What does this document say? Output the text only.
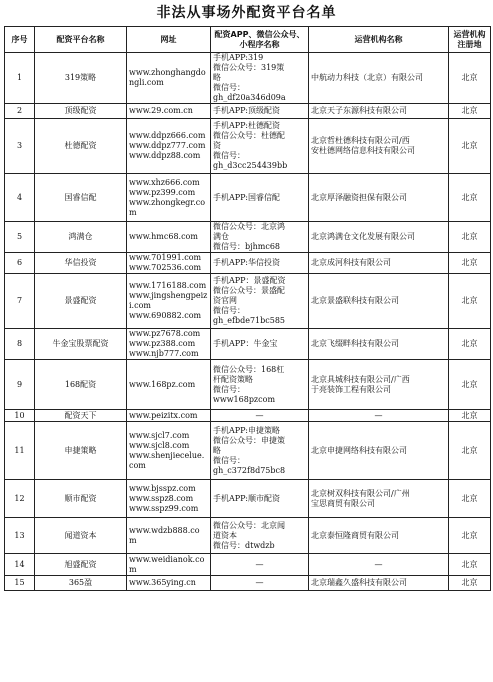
非法从事场外配资平台名单
序号	配资平台名称	网址	配资APP、微信公众号、小程序名称	运营机构名称	运营机构注册地
1	319策略	www.zhonghangdo
ngli.com	手机APP:319
微信公众号：319策
略
微信号：
gh_df20a346d09a	中航动力科技（北京）有限公司	北京
2	顶级配资	www.29.com.cn	手机APP:顶级配资	北京天子东源科技有限公司	北京
3	杜德配资	www.ddpz666.com
www.ddpz777.com
www.ddpz88.com	手机APP:杜德配资
微信公众号：杜德配
资
微信号：
gh_d3cc254439bb	北京哲杜德科技有限公司/西
安杜德网络信息科技有限公司	北京
4	国睿信配	www.xhz666.com
www.pz399.com
www.zhongkegr.com	手机APP:国睿信配	北京厚泽融资担保有限公司	北京
5	鸿满仓	www.hmc68.com	微信公众号：北京鸿
满仓
微信号：bjhmc68	北京鸿满仓文化发展有限公司	北京
6	华信投资	www.701991.com
www.702536.com	手机APP:华信投资	北京成河科技有限公司	北京
7	景盛配资	www.1716188.com
www.jingshengpeizi.com
www.690882.com	手机APP：景盛配资
微信公众号：景盛配
资官网
微信号：
gh_efbde71bc585	北京景盛联科技有限公司	北京
8	牛金宝股票配资	www.pz7678.com
www.pz388.com
www.njb777.com	手机APP：牛金宝	北京飞缀畔科技有限公司	北京
9	168配资	www.168pz.com	微信公众号：168杠
杆配资策略
微信号：
www168pzcom	北京具城科技有限公司/广西
于亮装饰工程有限公司	北京
10	配资天下	www.peizitx.com	—	—	北京
11	申捷策略	www.sjcl7.com
www.sjcl8.com
www.shenjiecelue.
com	手机APP:申捷策略
微信公众号：申捷策
略
微信号：
gh_c372f8d75bc8	北京申捷网络科技有限公司	北京
12	顺市配资	www.bjsspz.com
www.sspz8.com
www.sspz99.com	手机APP:顺市配资	北京树双科技有限公司/广州
宝思商贸有限公司	北京
13	闻道资本	www.wdzb888.co
m	微信公众号：北京闻
道资本
微信号：dtwdzb	北京泰恒隆商贸有限公司	北京
14	旭盛配资	www.weidianok.co
m	—	—	北京
15	365盈	www.365ying.cn	—	北京瑞鑫久盛科技有限公司	北京
